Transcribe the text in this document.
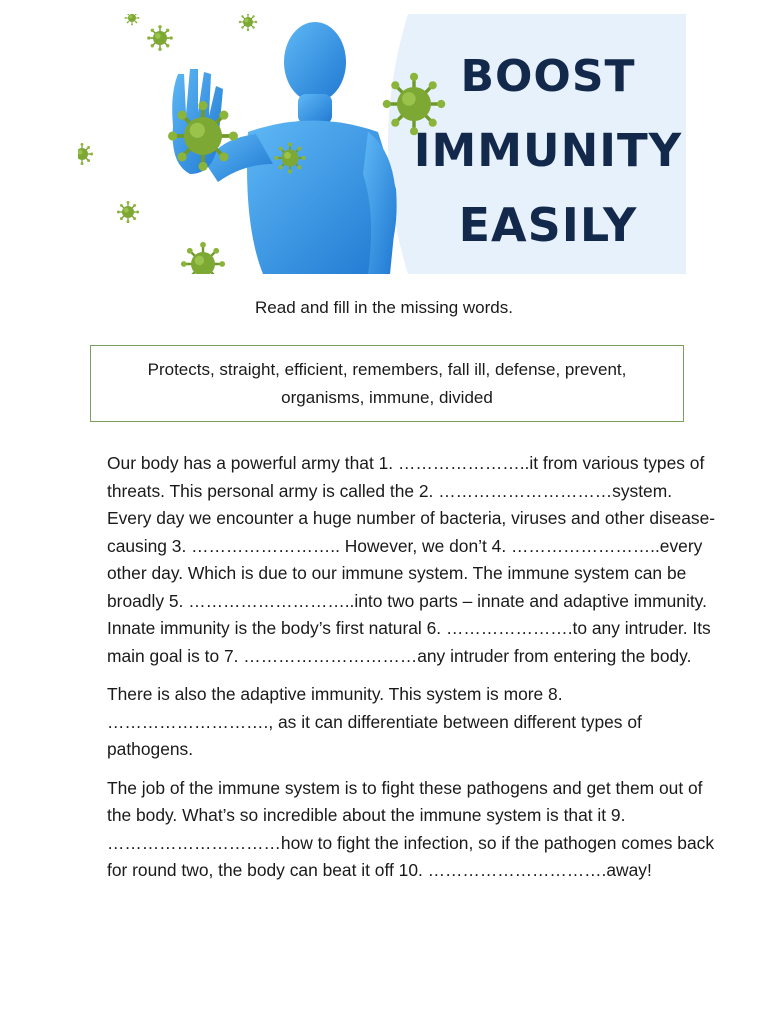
BOOST
IMMUNITY
EASILY
Read and fill in the missing words.
Protects, straight, efficient, remembers, fall ill, defense, prevent, organisms, immune, divided

Our body has a powerful army that 1. …………………..it from various types of threats. This personal army is called the 2. …………………………system. Every day we encounter a huge number of bacteria, viruses and other disease-causing 3. …………………….. However, we don’t 4. ……………………..every other day. Which is due to our immune system. The immune system can be broadly 5. ………………………..into two parts – innate and adaptive immunity. Innate immunity is the body’s first natural 6. ………………….to any intruder. Its main goal is to 7. …………………………any intruder from entering the body.

There is also the adaptive immunity. This system is more 8. ………………………., as it can differentiate between different types of pathogens.

The job of the immune system is to fight these pathogens and get them out of the body. What’s so incredible about the immune system is that it 9. …………………………how to fight the infection, so if the pathogen comes back for round two, the body can beat it off 10. ………………………….away!
